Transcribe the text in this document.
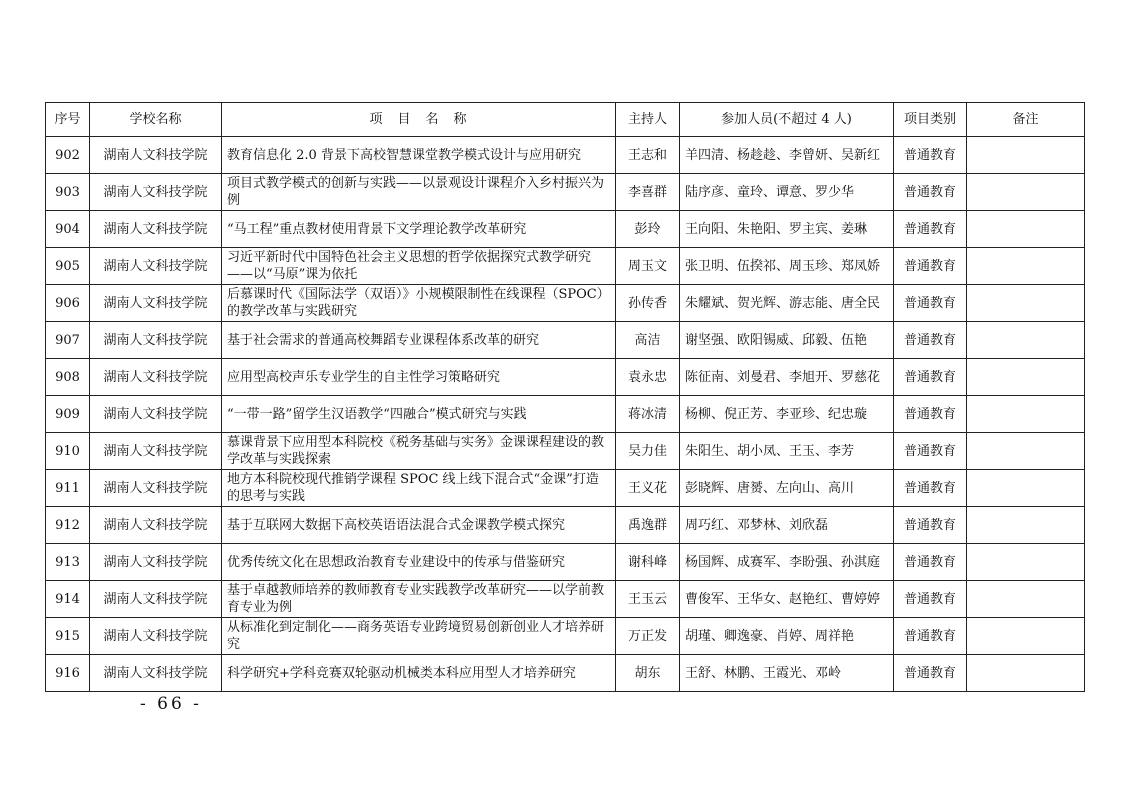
序号	学校名称	项　目　名　称	主持人	参加人员(不超过 4 人)	项目类别	备注
902	湖南人文科技学院	教育信息化 2.0 背景下高校智慧课堂教学模式设计与应用研究	王志和	羊四清、杨趁趁、李曾妍、吴新红	普通教育	
903	湖南人文科技学院	项目式教学模式的创新与实践——以景观设计课程介入乡村振兴为例	李喜群	陆序彦、童玲、谭意、罗少华	普通教育	
904	湖南人文科技学院	“马工程”重点教材使用背景下文学理论教学改革研究	彭玲	王向阳、朱艳阳、罗主宾、姜琳	普通教育	
905	湖南人文科技学院	习近平新时代中国特色社会主义思想的哲学依据探究式教学研究——以“马原”课为依托	周玉文	张卫明、伍揆祁、周玉珍、郑凤娇	普通教育	
906	湖南人文科技学院	后慕课时代《国际法学（双语）》小规模限制性在线课程（SPOC）的教学改革与实践研究	孙传香	朱耀斌、贺光辉、游志能、唐全民	普通教育	
907	湖南人文科技学院	基于社会需求的普通高校舞蹈专业课程体系改革的研究	高洁	谢坚强、欧阳锡威、邱毅、伍艳	普通教育	
908	湖南人文科技学院	应用型高校声乐专业学生的自主性学习策略研究	袁永忠	陈征南、刘曼君、李旭开、罗慈花	普通教育	
909	湖南人文科技学院	“一带一路”留学生汉语教学“四融合”模式研究与实践	蒋冰清	杨柳、倪正芳、李亚珍、纪忠璇	普通教育	
910	湖南人文科技学院	慕课背景下应用型本科院校《税务基础与实务》金课课程建设的教学改革与实践探索	吴力佳	朱阳生、胡小凤、王玉、李芳	普通教育	
911	湖南人文科技学院	地方本科院校现代推销学课程 SPOC 线上线下混合式“金课”打造的思考与实践	王义花	彭晓辉、唐赟、左向山、高川	普通教育	
912	湖南人文科技学院	基于互联网大数据下高校英语语法混合式金课教学模式探究	禹逸群	周巧红、邓梦林、刘欣磊	普通教育	
913	湖南人文科技学院	优秀传统文化在思想政治教育专业建设中的传承与借鉴研究	谢科峰	杨国辉、成赛军、李盼强、孙淇庭	普通教育	
914	湖南人文科技学院	基于卓越教师培养的教师教育专业实践教学改革研究——以学前教育专业为例	王玉云	曹俊军、王华女、赵艳红、曹婷婷	普通教育	
915	湖南人文科技学院	从标准化到定制化——商务英语专业跨境贸易创新创业人才培养研究	万正发	胡瑾、卿逸豪、肖婷、周祥艳	普通教育	
916	湖南人文科技学院	科学研究+学科竞赛双轮驱动机械类本科应用型人才培养研究	胡东	王舒、林鹏、王霞光、邓岭	普通教育	
- 66 -
